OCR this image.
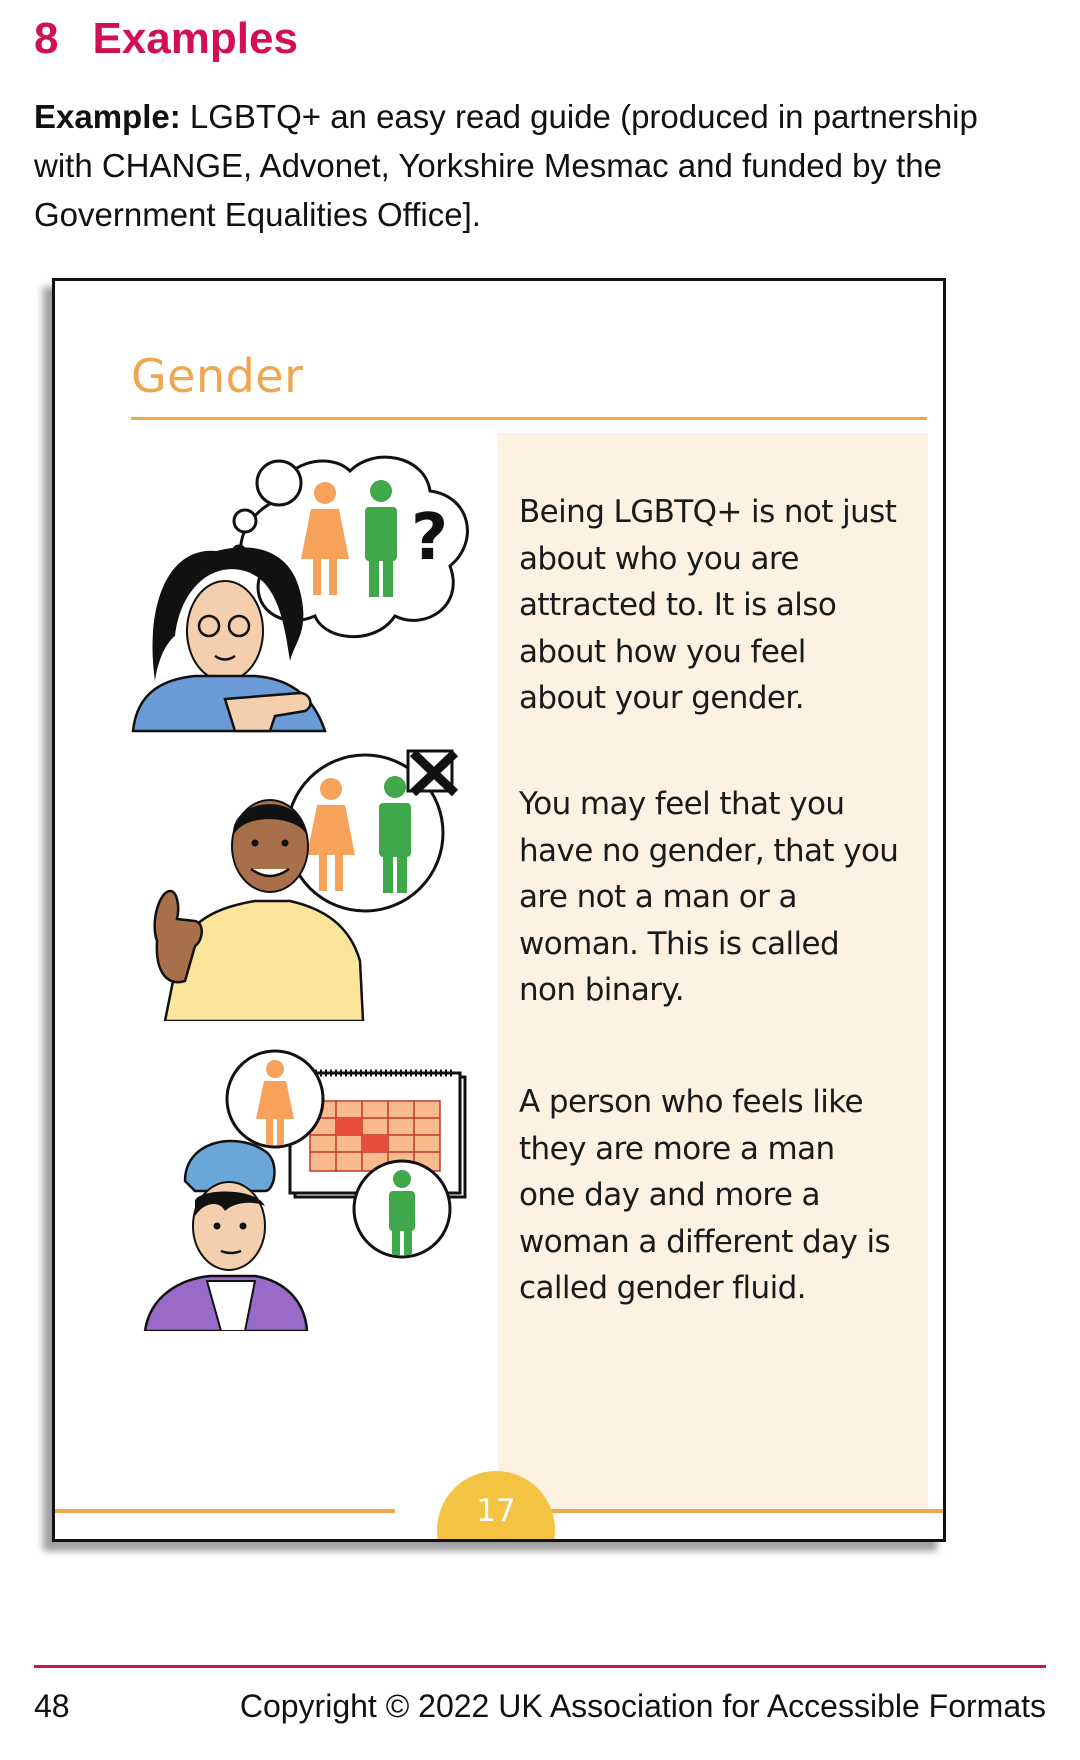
8 Examples

Example: LGBTQ+ an easy read guide (produced in partnership with CHANGE, Advonet, Yorkshire Mesmac and funded by the Government Equalities Office].

Gender

Being LGBTQ+ is not just about who you are attracted to. It is also about how you feel about your gender.

You may feel that you have no gender, that you are not a man or a woman. This is called non binary.

A person who feels like they are more a man one day and more a woman a different day is called gender fluid.

?
17
48	Copyright © 2022 UK Association for Accessible Formats
